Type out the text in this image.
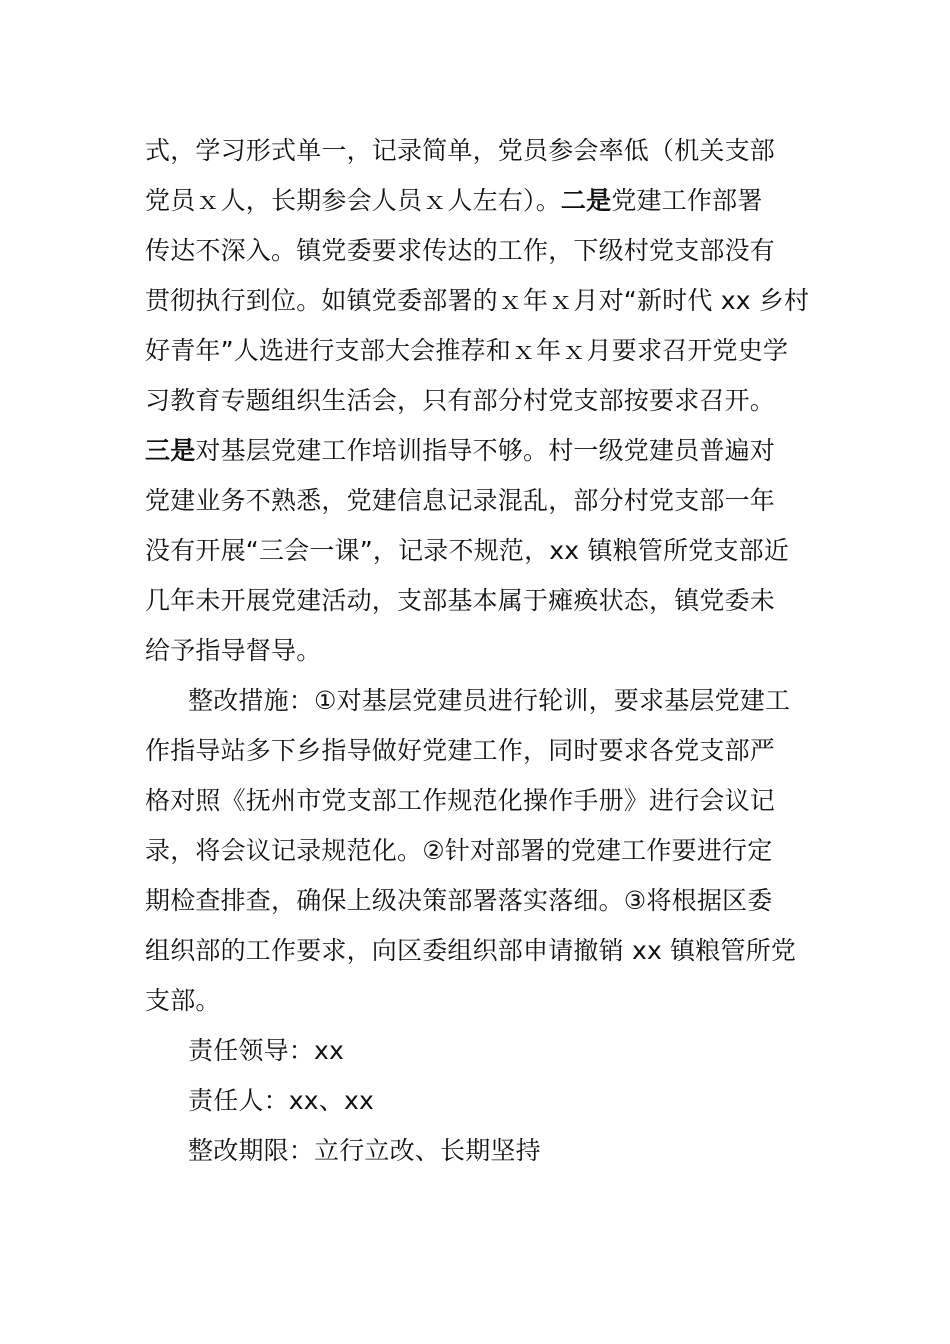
式，学习形式单一，记录简单，党员参会率低（机关支部
党员ｘ人，长期参会人员ｘ人左右）。二是党建工作部署
传达不深入。镇党委要求传达的工作，下级村党支部没有
贯彻执行到位。如镇党委部署的ｘ年ｘ月对“新时代 xx 乡村
好青年”人选进行支部大会推荐和ｘ年ｘ月要求召开党史学
习教育专题组织生活会，只有部分村党支部按要求召开。
三是对基层党建工作培训指导不够。村一级党建员普遍对
党建业务不熟悉，党建信息记录混乱，部分村党支部一年
没有开展“三会一课”，记录不规范，xx 镇粮管所党支部近
几年未开展党建活动，支部基本属于瘫痪状态，镇党委未
给予指导督导。
整改措施：①对基层党建员进行轮训，要求基层党建工
作指导站多下乡指导做好党建工作，同时要求各党支部严
格对照《抚州市党支部工作规范化操作手册》进行会议记
录，将会议记录规范化。②针对部署的党建工作要进行定
期检查排查，确保上级决策部署落实落细。③将根据区委
组织部的工作要求，向区委组织部申请撤销 xx 镇粮管所党
支部。
责任领导：xx
责任人：xx、xx
整改期限：立行立改、长期坚持
